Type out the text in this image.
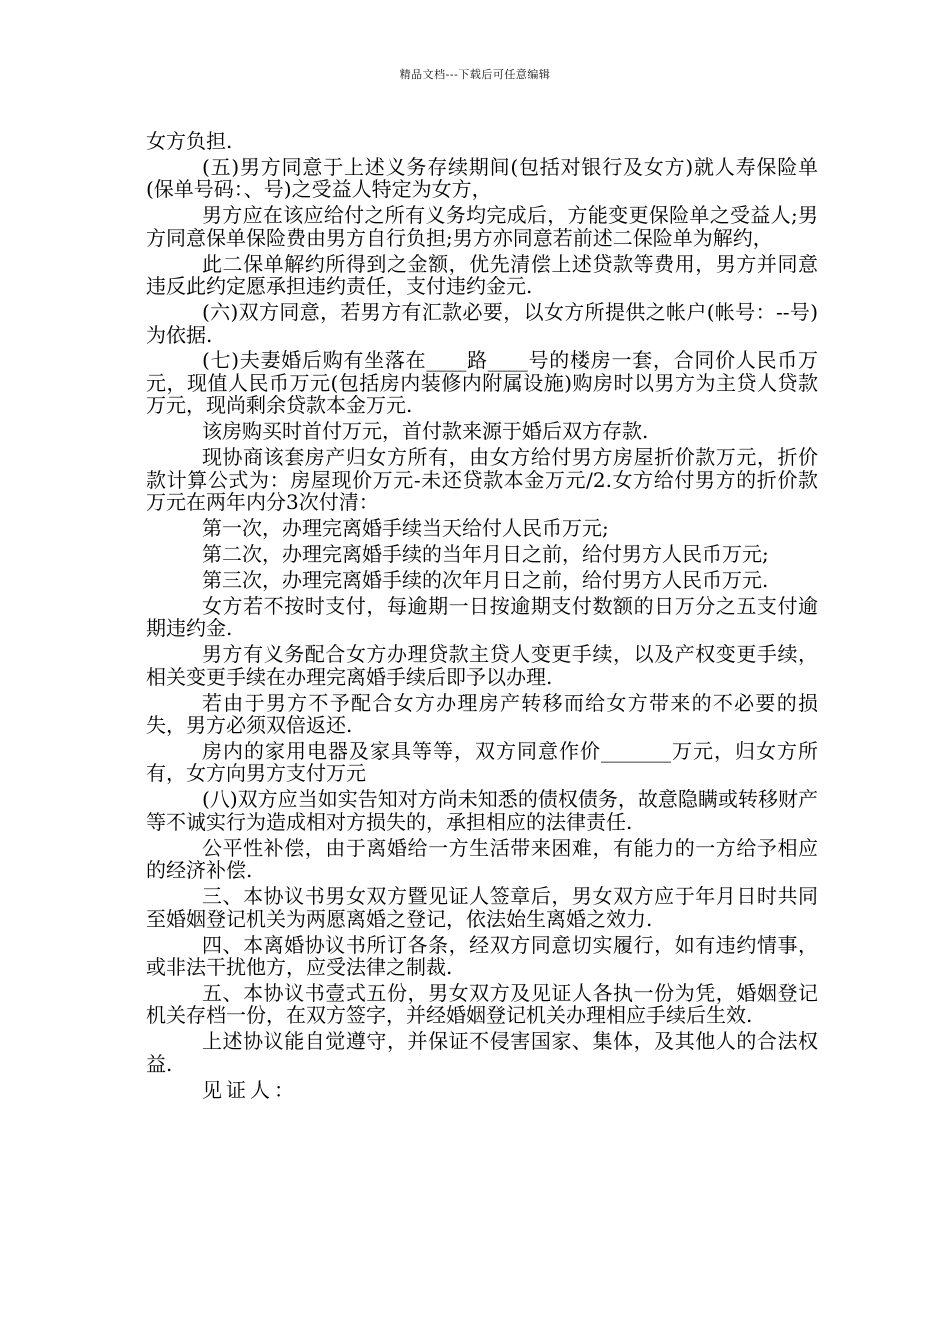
精品文档---下载后可任意编辑

女方负担.

(五)男方同意于上述义务存续期间(包括对银行及女方)就人寿保险单(保单号码：、号)之受益人特定为女方，

男方应在该应给付之所有义务均完成后，方能变更保险单之受益人;男方同意保单保险费由男方自行负担;男方亦同意若前述二保险单为解约，

此二保单解约所得到之金额，优先清偿上述贷款等费用，男方并同意违反此约定愿承担违约责任，支付违约金元.

(六)双方同意，若男方有汇款必要，以女方所提供之帐户(帐号：--号)为依据.

(七)夫妻婚后购有坐落在____路____号的楼房一套，合同价人民币万元，现值人民币万元(包括房内装修内附属设施)购房时以男方为主贷人贷款万元，现尚剩余贷款本金万元.

该房购买时首付万元，首付款来源于婚后双方存款.

现协商该套房产归女方所有，由女方给付男方房屋折价款万元，折价款计算公式为：房屋现价万元-未还贷款本金万元/2.女方给付男方的折价款万元在两年内分3次付清：

第一次，办理完离婚手续当天给付人民币万元;

第二次，办理完离婚手续的当年月日之前，给付男方人民币万元;

第三次，办理完离婚手续的次年月日之前，给付男方人民币万元.

女方若不按时支付，每逾期一日按逾期支付数额的日万分之五支付逾期违约金.

男方有义务配合女方办理贷款主贷人变更手续，以及产权变更手续，相关变更手续在办理完离婚手续后即予以办理.

若由于男方不予配合女方办理房产转移而给女方带来的不必要的损失，男方必须双倍返还.

房内的家用电器及家具等等，双方同意作价_______万元，归女方所有，女方向男方支付万元

(八)双方应当如实告知对方尚未知悉的债权债务，故意隐瞒或转移财产等不诚实行为造成相对方损失的，承担相应的法律责任.

公平性补偿，由于离婚给一方生活带来困难，有能力的一方给予相应的经济补偿.

三、本协议书男女双方暨见证人签章后，男女双方应于年月日时共同至婚姻登记机关为两愿离婚之登记，依法始生离婚之效力.

四、本离婚协议书所订各条，经双方同意切实履行，如有违约情事，或非法干扰他方，应受法律之制裁.

五、本协议书壹式五份，男女双方及见证人各执一份为凭，婚姻登记机关存档一份，在双方签字，并经婚姻登记机关办理相应手续后生效.

上述协议能自觉遵守，并保证不侵害国家、集体，及其他人的合法权益.

见证人：
